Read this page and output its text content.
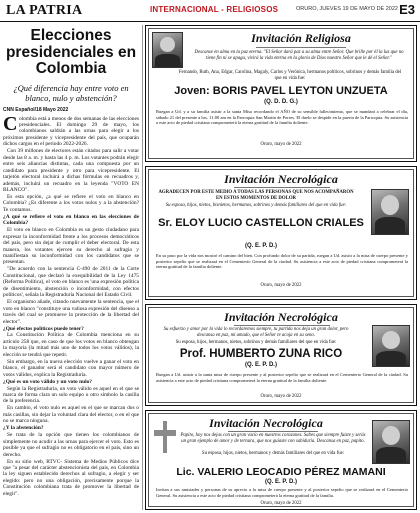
LA PATRIA	INTERNACIONAL - RELIGIOSOS	ORURO, JUEVES 19 DE MAYO DE 2022 E3
Elecciones presidenciales en Colombia
¿Qué diferencia hay entre voto en blanco, nulo y abstención?
CNN Español/18 Mayo 2022

Colombia está a menos de dos semanas de las elecciones presidenciales. El domingo 29 de mayo, los colombianos saldrán a las urnas para elegir a los próximos presidente y vicepresidente del país, que ocuparán dichos cargos en el periodo 2022-2026.

Con 39 millones de electores están citados para salir a votar desde las 8 a. m. y hasta las 4 p. m. Los votantes podrán elegir entre seis aliancias distintas, cada una compuesta por un candidato para presidente y otro para vicepresidente. El tarjetón electoral incluirá a dichas fórmulas en recuadros y, además, incluirá un recuadro en la leyenda "VOTO EN BLANCO".

Es esta opción, ¿a qué se refiere el voto en blanco en Colombia? ¿Es diferente a los votos nulos y a la abstención? Te contamos.

¿A qué se refiere el voto en blanco en las elecciones de Colombia?

El voto en blanco en Colombia es un gesto ciudadano para expresar la inconformidad frente a los procesos democráticos del país, pero sin dejar de cumplir el deber electoral. De esta manera, los votantes ejercen su derecho al sufragio y manifiestan su inconformidad con los candidatos que se presentan.

"De acuerdo con la sentencia C-490 de 2011 de la Corte Constitucional, que declaró la exequibilidad de la Ley 1475 (Reforma Política), el voto en blanco es 'una expresión política de disentimiento, abstención o inconformidad, con efectos políticos', señala la Registraduría Nacional del Estado Civil.

El organismo añade, citando nuevamente la sentencia, que el voto en blanco "constituye una valiosa expresión del disenso a través del cual se promueve la protección de la libertad del elector".

¿Qué efectos políticos puede tener?

La Constitución Política de Colombia menciona en su artículo 258 que, en caso de que los votos en blanco obtengan la mayoría (la mitad más uno de todos los votos válidos), la elección se tendrá que repetir.

Sin embargo, en la nueva elección vuelve a ganar el voto en blanco, el ganador será el candidato con mayor número de votos válidos, explica la Registraduría.

¿Qué es un voto válido y un voto nulo?

Según la Registraduría, un voto válido es aquel en el que se marca de forma clara un solo equipo u otro símbolo la casilla de la preferencia.

En cambio, el voto nulo es aquel en el que se marcan dos o más casillas, sin dejar la voluntad clara del elector, o en el que no se marca ninguna.

¿Y la abstención?

Se trata de la opción que tienen los colombianos de simplemente no acudir a las urnas para ejercer el voto. Esto es posible ya que el sufragio no es obligatorio en el país, sino un derecho.

En su sitio web, RTVC- Sistema de Medios Públicos dice que "a pesar del carácter abstencionista del país, en Colombia la ley siguen establecido derechos al sufragio, a elegir y ser elegido: pero no una obligación, precisamente porque la Constitución colombiana trata de promover la libertad de elegir".

Invitación Religiosa
Descanse en alma en la paz eterna. "El Señor dará paz a su alma entre Señor. Que brille por él la luz que no tiene fin ni se apaga, vivirá la vida eterna en la gloria de Dios nuestro Señor que le dé el Señor."
Fernando, Ruth, Ana, Edgar, Carolina, Magaly, Carlos y Verónica, hermanos políticos, sobrinos y demás familia del que en vida fue:
Joven: BORIS PAVEL LEYTON UNZUETA
(Q. D. D. G.)
Ruegan a Ud. y a su familia asistir a la santa Misa recordando el AÑO de su sensible fallecimiento, que se mandará a celebrar el día, sábado 21 del presente a hrs. 11:00 am en la Parroquia San Martín de Porres. El duelo se despide en la puerta de la Parroquia. Su asistencia a este acto de piedad cristiana comprometerá la eterna gratitud de la familia doliente.
Oruro, mayo de 2022
Invitación Necrológica
AGRADECEN POR ESTE MEDIO A TODAS LAS PERSONAS QUE NOS ACOMPAÑARON EN ESTOS MOMENTOS DE DOLOR
Su esposa, hijos, nietos, bisnietos, hermanos, sobrinos y demás familiares del que en vida fue:
Sr. ELOY LUCIO CASTELLON CRIALES
(Q. E. P. D.)
En su paso por la vida nos mostró el camino del bien. Con profundo dolor de su partida, ruegan a Ud. asistir a la misa de cuerpo presente y posterior sepelio que se realizará en el Cementerio General de la ciudad. Su asistencia a este acto de piedad cristiana comprometerá la eterna gratitud de la familia doliente.
Oruro, mayo de 2022
Invitación Necrológica
Su esfuerzo y amor por la vida lo recordaremos siempre, tu partida nos deja un gran dolor, pero descansa en paz, mi amado, que el Señor te acoja en su seno.
Su esposa, hijos, hermanos, nietos, sobrinos y demás familiares del que en vida fue:
Prof. HUMBERTO ZUNA RICO
(Q. E. P. D.)
Ruegan a Ud. asistir a la santa misa de cuerpo presente y al posterior sepelio que se realizará en el Cementerio General de la ciudad. Su asistencia a este acto de piedad cristiana comprometerá la eterna gratitud de la familia doliente.
Oruro, mayo de 2022
Invitación Necrológica
Papito, hoy nos dejas con un gran vacío en nuestros corazones. Sabes que siempre fuiste y serás un gran ejemplo de amor y de ternura, que nos guiaste con sabiduría. Descansa en paz, papito.
Su esposa, hijos, nietos, hermanos y demás familiares del que en vida fue:
Lic. VALERIO LEOCADIO PÉREZ MAMANI
(Q. E. P. D.)
Invitan a sus amistades y personas de su aprecio a la misa de cuerpo presente y al posterior sepelio que se realizará en el Cementerio General. Su asistencia a este acto de piedad cristiana comprometerá la eterna gratitud de la familia.
Oruro, mayo de 2022
